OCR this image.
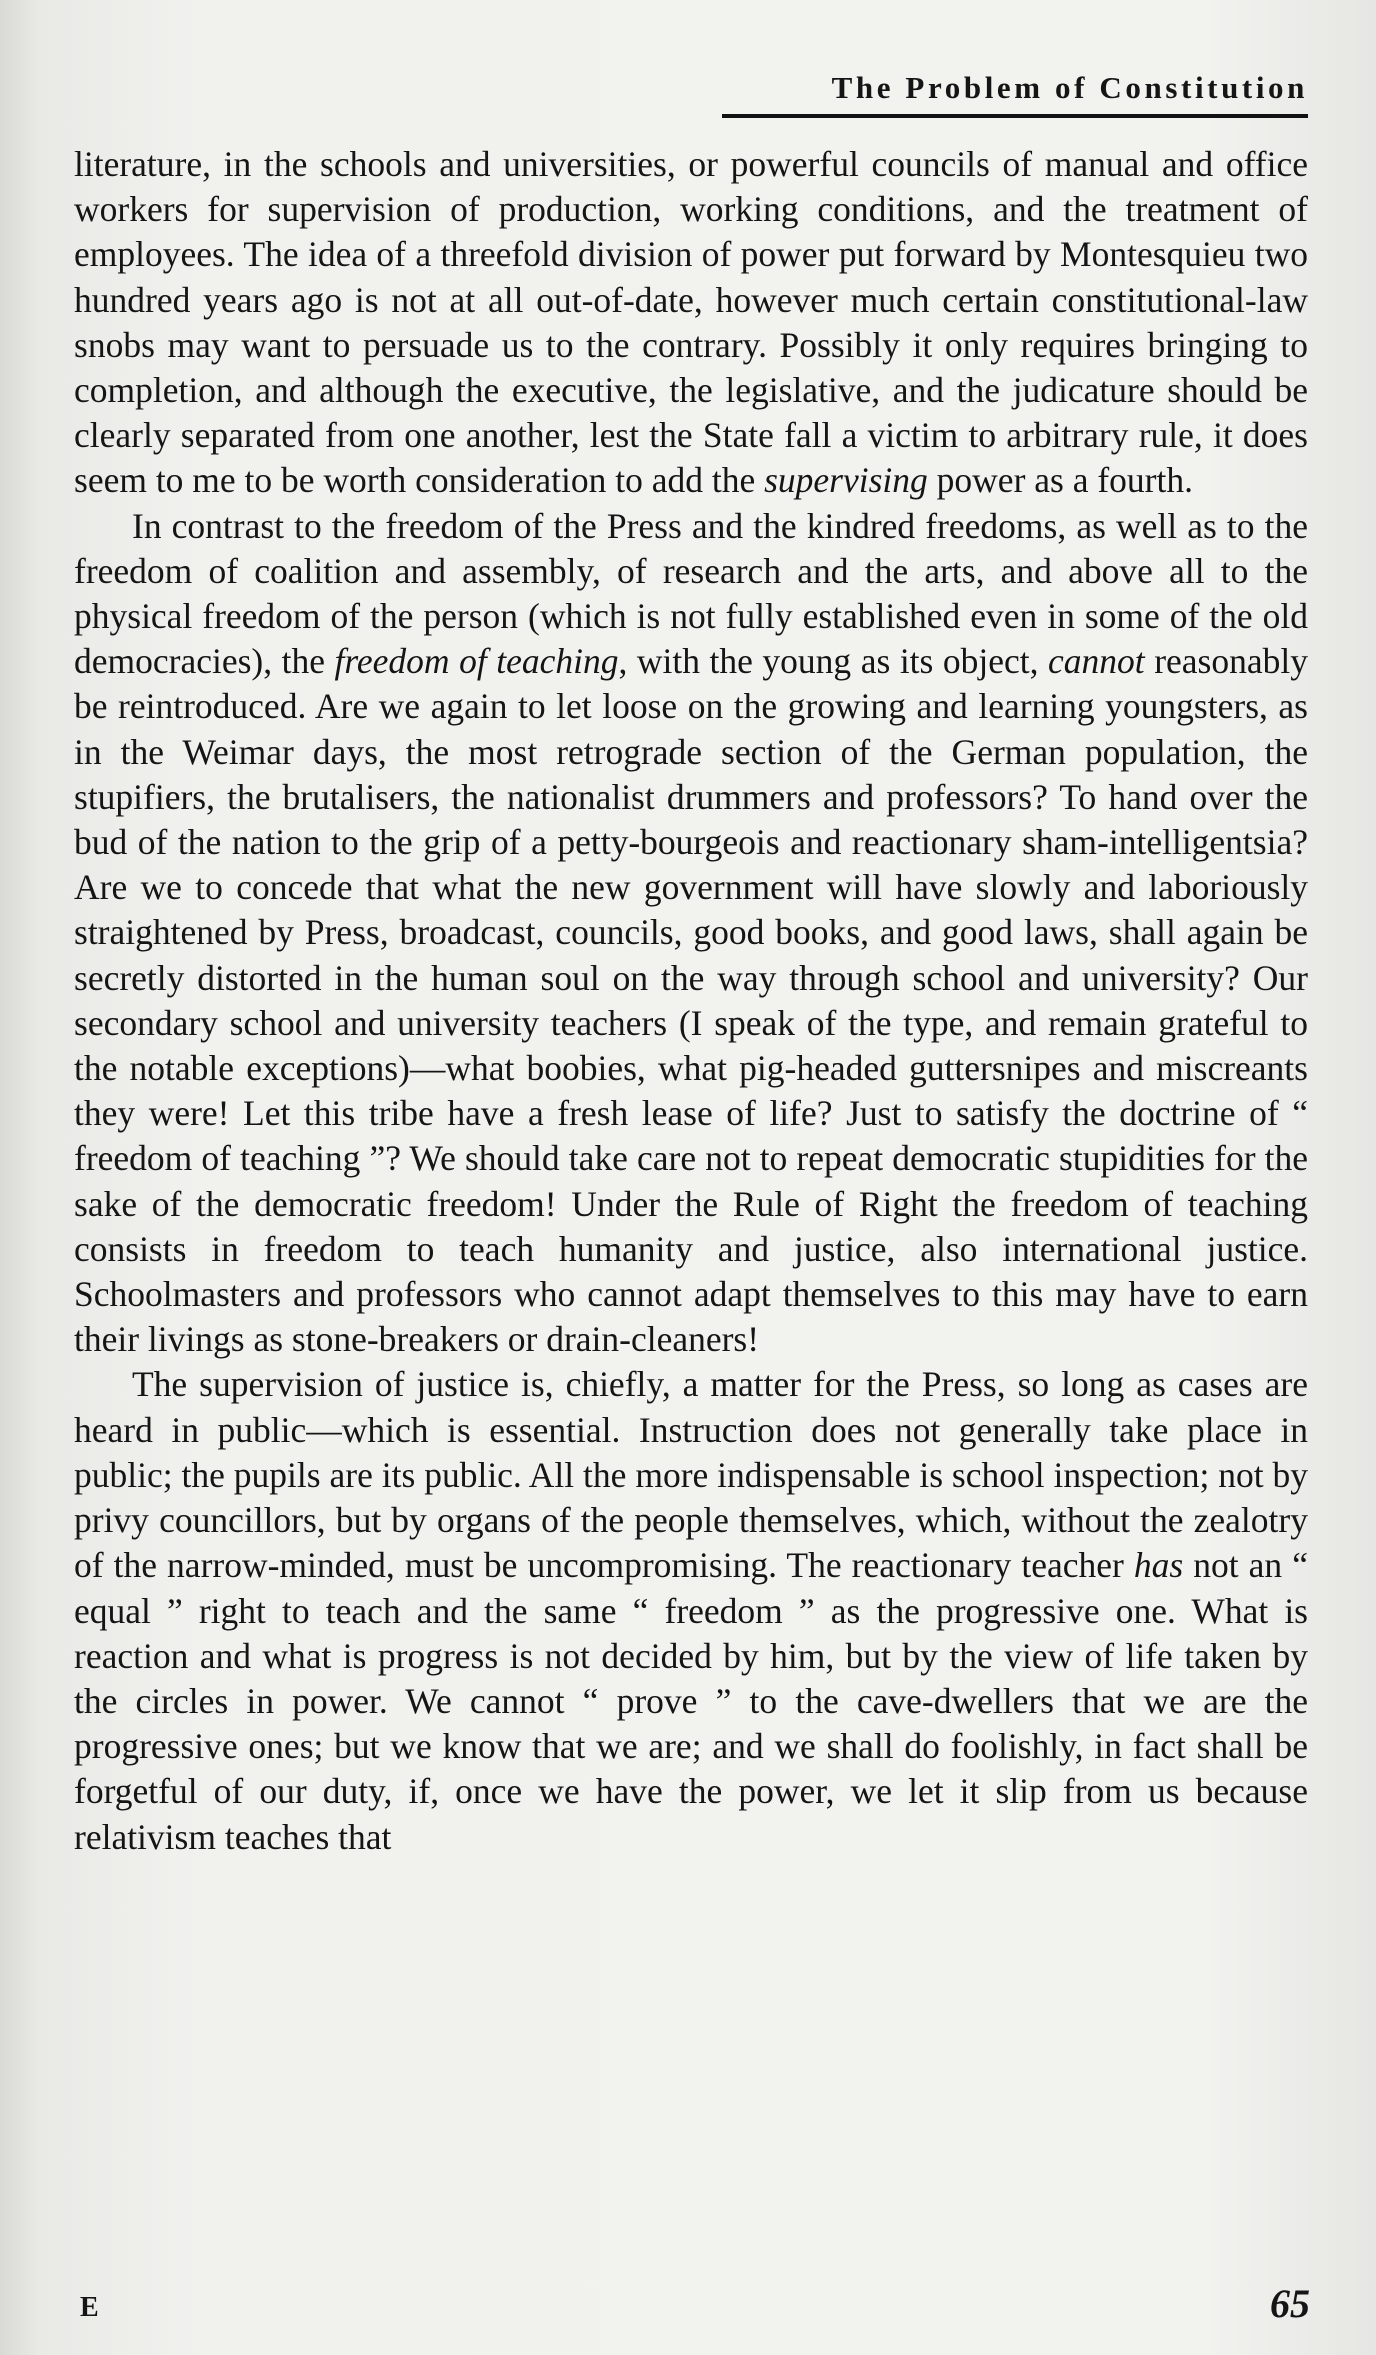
The Problem of Constitution

literature, in the schools and universities, or powerful councils of manual and office workers for supervision of production, working conditions, and the treatment of employees. The idea of a threefold division of power put forward by Montesquieu two hundred years ago is not at all out-of-date, however much certain constitutional-law snobs may want to persuade us to the contrary. Possibly it only requires bringing to completion, and although the executive, the legislative, and the judicature should be clearly separated from one another, lest the State fall a victim to arbitrary rule, it does seem to me to be worth consideration to add the supervising power as a fourth.

In contrast to the freedom of the Press and the kindred freedoms, as well as to the freedom of coalition and assembly, of research and the arts, and above all to the physical freedom of the person (which is not fully established even in some of the old democracies), the freedom of teaching, with the young as its object, cannot reasonably be reintroduced. Are we again to let loose on the growing and learning youngsters, as in the Weimar days, the most retrograde section of the German population, the stupifiers, the brutalisers, the nationalist drummers and professors? To hand over the bud of the nation to the grip of a petty-bourgeois and reactionary sham-intelligentsia? Are we to concede that what the new government will have slowly and laboriously straightened by Press, broadcast, councils, good books, and good laws, shall again be secretly distorted in the human soul on the way through school and university? Our secondary school and university teachers (I speak of the type, and remain grateful to the notable exceptions)—what boobies, what pig-headed guttersnipes and miscreants they were! Let this tribe have a fresh lease of life? Just to satisfy the doctrine of “ freedom of teaching ”? We should take care not to repeat democratic stupidities for the sake of the democratic freedom! Under the Rule of Right the freedom of teaching consists in freedom to teach humanity and justice, also international justice. Schoolmasters and professors who cannot adapt themselves to this may have to earn their livings as stone-breakers or drain-cleaners!

The supervision of justice is, chiefly, a matter for the Press, so long as cases are heard in public—which is essential. Instruction does not generally take place in public; the pupils are its public. All the more indispensable is school inspection; not by privy councillors, but by organs of the people themselves, which, without the zealotry of the narrow-minded, must be uncompromising. The reactionary teacher has not an “ equal ” right to teach and the same “ freedom ” as the progressive one. What is reaction and what is progress is not decided by him, but by the view of life taken by the circles in power. We cannot “ prove ” to the cave-dwellers that we are the progressive ones; but we know that we are; and we shall do foolishly, in fact shall be forgetful of our duty, if, once we have the power, we let it slip from us because relativism teaches that

E	65
